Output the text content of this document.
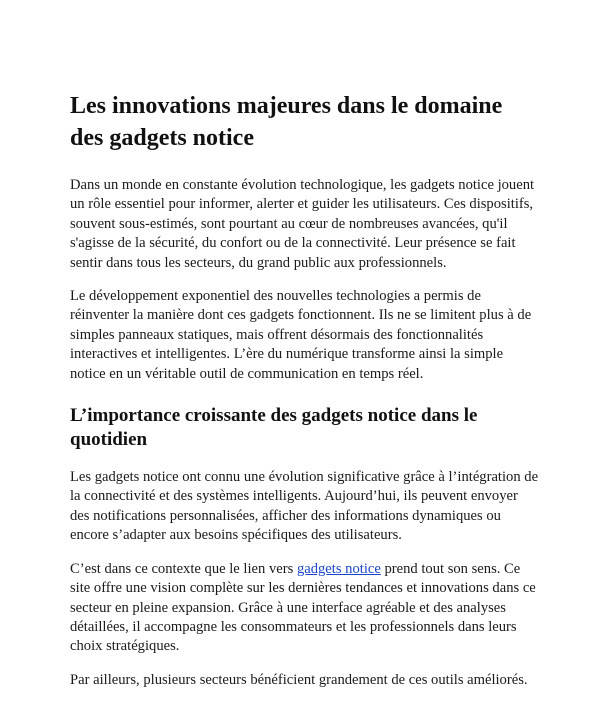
Les innovations majeures dans le domaine des gadgets notice

Dans un monde en constante évolution technologique, les gadgets notice jouent un rôle essentiel pour informer, alerter et guider les utilisateurs. Ces dispositifs, souvent sous-estimés, sont pourtant au cœur de nombreuses avancées, qu'il s'agisse de la sécurité, du confort ou de la connectivité. Leur présence se fait sentir dans tous les secteurs, du grand public aux professionnels.

Le développement exponentiel des nouvelles technologies a permis de réinventer la manière dont ces gadgets fonctionnent. Ils ne se limitent plus à de simples panneaux statiques, mais offrent désormais des fonctionnalités interactives et intelligentes. L’ère du numérique transforme ainsi la simple notice en un véritable outil de communication en temps réel.

L’importance croissante des gadgets notice dans le quotidien

Les gadgets notice ont connu une évolution significative grâce à l’intégration de la connectivité et des systèmes intelligents. Aujourd’hui, ils peuvent envoyer des notifications personnalisées, afficher des informations dynamiques ou encore s’adapter aux besoins spécifiques des utilisateurs.

C’est dans ce contexte que le lien vers gadgets notice prend tout son sens. Ce site offre une vision complète sur les dernières tendances et innovations dans ce secteur en pleine expansion. Grâce à une interface agréable et des analyses détaillées, il accompagne les consommateurs et les professionnels dans leurs choix stratégiques.

Par ailleurs, plusieurs secteurs bénéficient grandement de ces outils améliorés.
